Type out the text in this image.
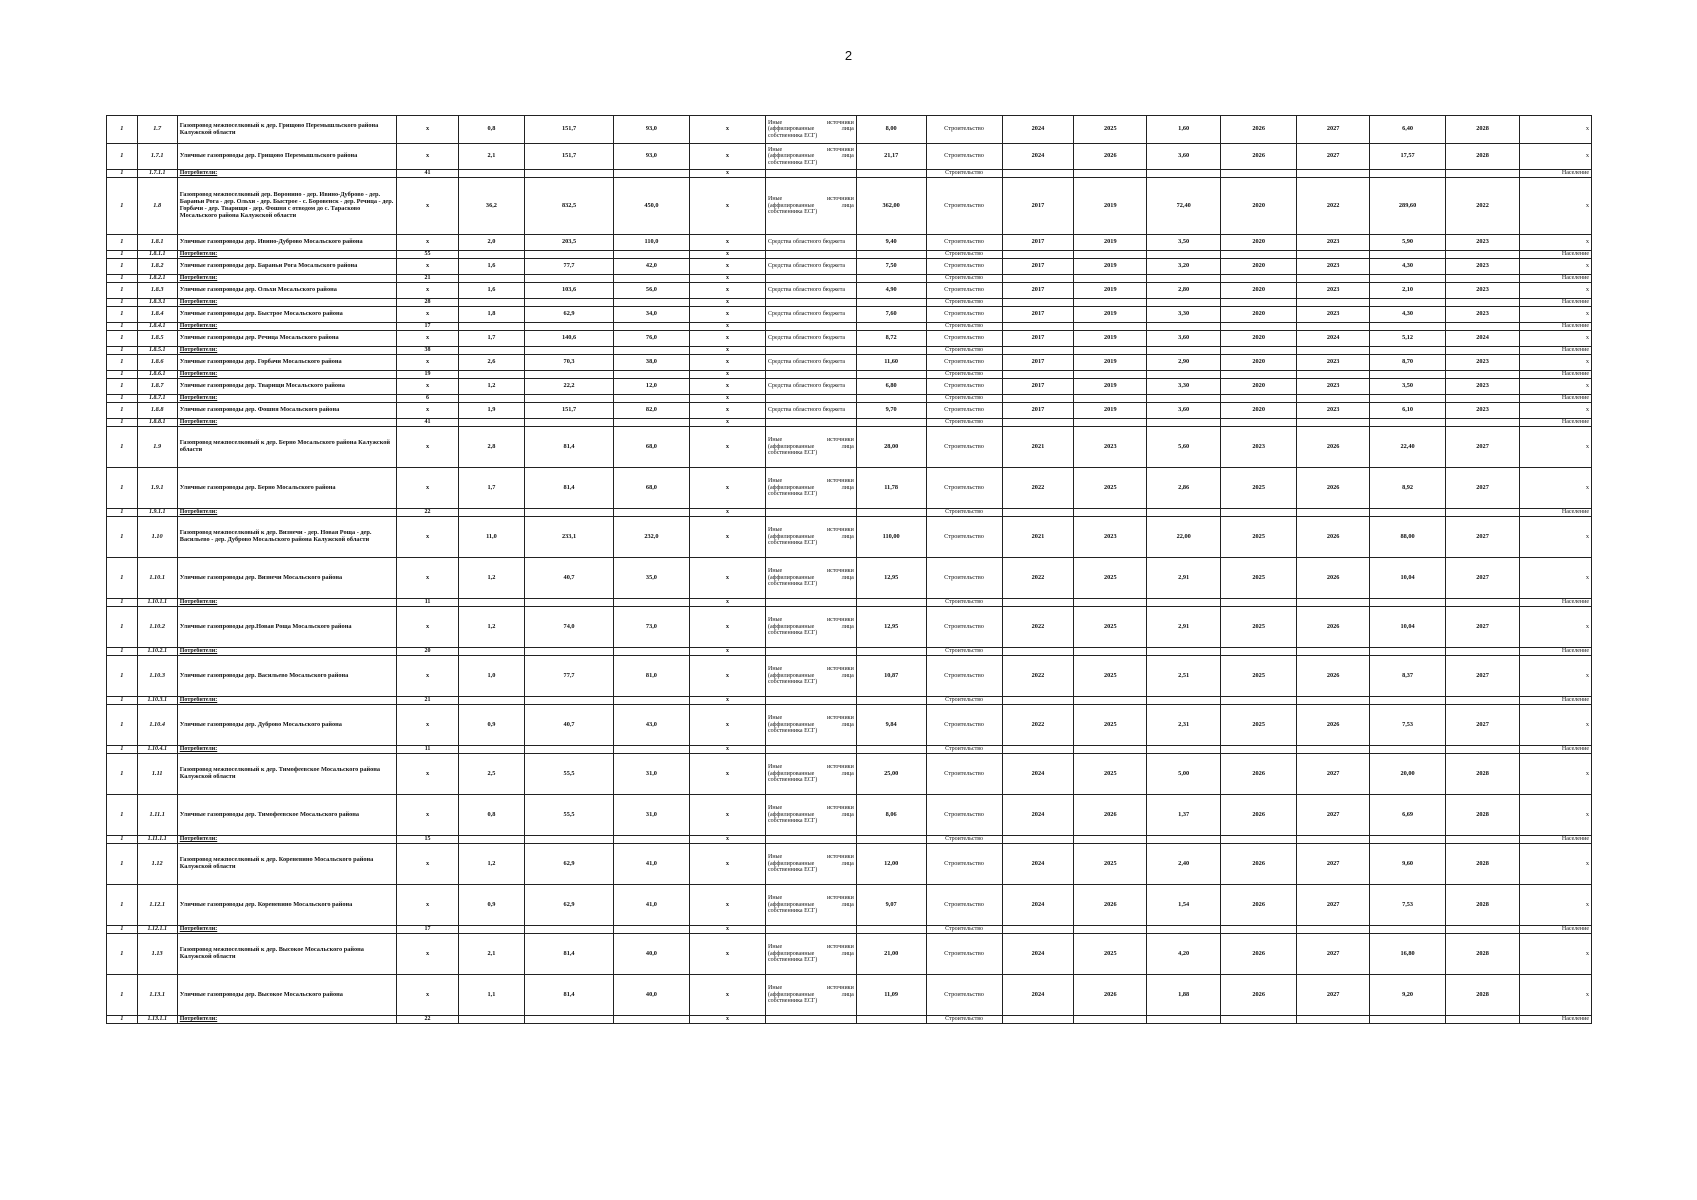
2
1	1.7	Газопровод межпоселковый к дер. Грищово Перемышльского района Калужской области	x	0,8	151,7	93,0	x	Иные источники (аффилированные лица собственника ЕСГ)	8,00	Строительство	2024	2025	1,60	2026	2027	6,40	2028	x
1	1.7.1	Уличные газопроводы дер. Грищово Перемышльского района	x	2,1	151,7	93,0	x	Иные источники (аффилированные лица собственника ЕСГ)	21,17	Строительство	2024	2026	3,60	2026	2027	17,57	2028	x
1	1.7.1.1	Потребители:	41				x			Строительство								Население
1	1.8	Газопровод межпоселковый дер. Воронино - дер. Ивино-Дуброво - дер. Бараньи Рога - дер. Ольхи - дер. Быстрое - с. Боровенск - дер. Речица - дер. Горбачи - дер. Тварищи - дер. Фошня с отводом до с. Тарасково Мосальского района Калужской области	x	36,2	832,5	450,0	x	Иные источники (аффилированные лица собственника ЕСГ)	362,00	Строительство	2017	2019	72,40	2020	2022	289,60	2022	x
1	1.8.1	Уличные газопроводы дер. Ивино-Дуброво Мосальского района	x	2,0	203,5	110,0	x	Средства областного бюджета	9,40	Строительство	2017	2019	3,50	2020	2023	5,90	2023	x
1	1.8.1.1	Потребители:	55				x			Строительство								Население
1	1.8.2	Уличные газопроводы дер. Бараньи Рога Мосальского района	x	1,6	77,7	42,0	x	Средства областного бюджета	7,50	Строительство	2017	2019	3,20	2020	2023	4,30	2023	x
1	1.8.2.1	Потребители:	21				x			Строительство								Население
1	1.8.3	Уличные газопроводы дер. Ольхи Мосальского района	x	1,6	103,6	56,0	x	Средства областного бюджета	4,90	Строительство	2017	2019	2,80	2020	2023	2,10	2023	x
1	1.8.3.1	Потребители:	28				x			Строительство								Население
1	1.8.4	Уличные газопроводы дер. Быстрое Мосальского района	x	1,8	62,9	34,0	x	Средства областного бюджета	7,60	Строительство	2017	2019	3,30	2020	2023	4,30	2023	x
1	1.8.4.1	Потребители:	17				x			Строительство								Население
1	1.8.5	Уличные газопроводы дер. Речица Мосальского района	x	1,7	140,6	76,0	x	Средства областного бюджета	8,72	Строительство	2017	2019	3,60	2020	2024	5,12	2024	x
1	1.8.5.1	Потребители:	38				x			Строительство								Население
1	1.8.6	Уличные газопроводы дер. Горбачи Мосальского района	x	2,6	70,3	38,0	x	Средства областного бюджета	11,60	Строительство	2017	2019	2,90	2020	2023	8,70	2023	x
1	1.8.6.1	Потребители:	19				x			Строительство								Население
1	1.8.7	Уличные газопроводы дер. Тварищи Мосальского района	x	1,2	22,2	12,0	x	Средства областного бюджета	6,80	Строительство	2017	2019	3,30	2020	2023	3,50	2023	x
1	1.8.7.1	Потребители:	6				x			Строительство								Население
1	1.8.8	Уличные газопроводы дер. Фошня Мосальского района	x	1,9	151,7	82,0	x	Средства областного бюджета	9,70	Строительство	2017	2019	3,60	2020	2023	6,10	2023	x
1	1.8.8.1	Потребители:	41				x			Строительство								Население
1	1.9	Газопровод межпоселковый к дер. Берно Мосальского района Калужской области	x	2,8	81,4	68,0	x	Иные источники (аффилированные лица собственника ЕСГ)	28,00	Строительство	2021	2023	5,60	2023	2026	22,40	2027	x
1	1.9.1	Уличные газопроводы дер. Берно Мосальского района	x	1,7	81,4	68,0	x	Иные источники (аффилированные лица собственника ЕСГ)	11,78	Строительство	2022	2025	2,86	2025	2026	8,92	2027	x
1	1.9.1.1	Потребители:	22				x			Строительство								Население
1	1.10	Газопровод межпоселковый к дер. Визнечи - дер. Новая Роща - дер. Васильево - дер. Дуброво Мосальского района Калужской области	x	11,0	233,1	232,0	x	Иные источники (аффилированные лица собственника ЕСГ)	110,00	Строительство	2021	2023	22,00	2025	2026	88,00	2027	x
1	1.10.1	Уличные газопроводы дер. Визнечи Мосальского района	x	1,2	40,7	35,0	x	Иные источники (аффилированные лица собственника ЕСГ)	12,95	Строительство	2022	2025	2,91	2025	2026	10,04	2027	x
1	1.10.1.1	Потребители:	11				x			Строительство								Население
1	1.10.2	Уличные газопроводы дер.Новая Роща Мосальского района	x	1,2	74,0	73,0	x	Иные источники (аффилированные лица собственника ЕСГ)	12,95	Строительство	2022	2025	2,91	2025	2026	10,04	2027	x
1	1.10.2.1	Потребители:	20				x			Строительство								Население
1	1.10.3	Уличные газопроводы дер. Васильево Мосальского района	x	1,0	77,7	81,0	x	Иные источники (аффилированные лица собственника ЕСГ)	10,87	Строительство	2022	2025	2,51	2025	2026	8,37	2027	x
1	1.10.3.1	Потребители:	21				x			Строительство								Население
1	1.10.4	Уличные газопроводы дер. Дуброво Мосальского района	x	0,9	40,7	43,0	x	Иные источники (аффилированные лица собственника ЕСГ)	9,84	Строительство	2022	2025	2,31	2025	2026	7,53	2027	x
1	1.10.4.1	Потребители:	11				x			Строительство								Население
1	1.11	Газопровод межпоселковый к дер. Тимофеевское Мосальского района Калужской области	x	2,5	55,5	31,0	x	Иные источники (аффилированные лица собственника ЕСГ)	25,00	Строительство	2024	2025	5,00	2026	2027	20,00	2028	x
1	1.11.1	Уличные газопроводы дер. Тимофеевское Мосальского района	x	0,8	55,5	31,0	x	Иные источники (аффилированные лица собственника ЕСГ)	8,06	Строительство	2024	2026	1,37	2026	2027	6,69	2028	x
1	1.11.1.1	Потребители:	15				x			Строительство								Население
1	1.12	Газопровод межпоселковый к дер. Кореневино Мосальского района Калужской области	x	1,2	62,9	41,0	x	Иные источники (аффилированные лица собственника ЕСГ)	12,00	Строительство	2024	2025	2,40	2026	2027	9,60	2028	x
1	1.12.1	Уличные газопроводы дер. Кореневино Мосальского района	x	0,9	62,9	41,0	x	Иные источники (аффилированные лица собственника ЕСГ)	9,07	Строительство	2024	2026	1,54	2026	2027	7,53	2028	x
1	1.12.1.1	Потребители:	17				x			Строительство								Население
1	1.13	Газопровод межпоселковый к дер. Высокое Мосальского района Калужской области	x	2,1	81,4	40,0	x	Иные источники (аффилированные лица собственника ЕСГ)	21,00	Строительство	2024	2025	4,20	2026	2027	16,80	2028	x
1	1.13.1	Уличные газопроводы дер. Высокое Мосальского района	x	1,1	81,4	40,0	x	Иные источники (аффилированные лица собственника ЕСГ)	11,09	Строительство	2024	2026	1,88	2026	2027	9,20	2028	x
1	1.13.1.1	Потребители:	22				x			Строительство								Население
